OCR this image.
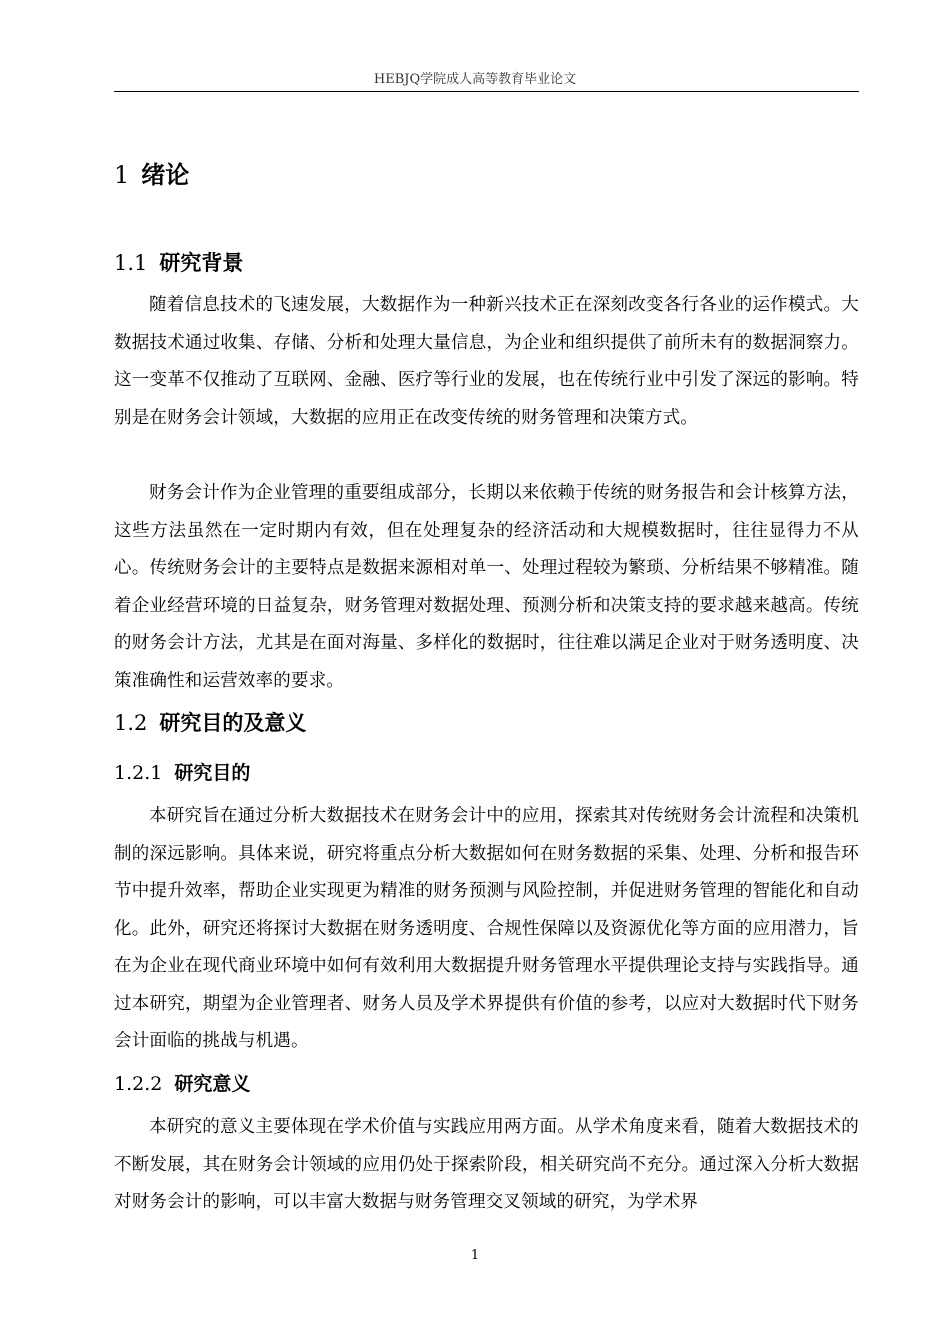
HEBJQ学院成人高等教育毕业论文
1 绪论
1.1 研究背景

随着信息技术的飞速发展，大数据作为一种新兴技术正在深刻改变各行各业的运作模式。大数据技术通过收集、存储、分析和处理大量信息，为企业和组织提供了前所未有的数据洞察力。这一变革不仅推动了互联网、金融、医疗等行业的发展，也在传统行业中引发了深远的影响。特别是在财务会计领域，大数据的应用正在改变传统的财务管理和决策方式。

财务会计作为企业管理的重要组成部分，长期以来依赖于传统的财务报告和会计核算方法，这些方法虽然在一定时期内有效，但在处理复杂的经济活动和大规模数据时，往往显得力不从心。传统财务会计的主要特点是数据来源相对单一、处理过程较为繁琐、分析结果不够精准。随着企业经营环境的日益复杂，财务管理对数据处理、预测分析和决策支持的要求越来越高。传统的财务会计方法，尤其是在面对海量、多样化的数据时，往往难以满足企业对于财务透明度、决策准确性和运营效率的要求。

1.2 研究目的及意义
1.2.1 研究目的

本研究旨在通过分析大数据技术在财务会计中的应用，探索其对传统财务会计流程和决策机制的深远影响。具体来说，研究将重点分析大数据如何在财务数据的采集、处理、分析和报告环节中提升效率，帮助企业实现更为精准的财务预测与风险控制，并促进财务管理的智能化和自动化。此外，研究还将探讨大数据在财务透明度、合规性保障以及资源优化等方面的应用潜力，旨在为企业在现代商业环境中如何有效利用大数据提升财务管理水平提供理论支持与实践指导。通过本研究，期望为企业管理者、财务人员及学术界提供有价值的参考，以应对大数据时代下财务会计面临的挑战与机遇。

1.2.2 研究意义

本研究的意义主要体现在学术价值与实践应用两方面。从学术角度来看，随着大数据技术的不断发展，其在财务会计领域的应用仍处于探索阶段，相关研究尚不充分。通过深入分析大数据对财务会计的影响，可以丰富大数据与财务管理交叉领域的研究，为学术界

1
